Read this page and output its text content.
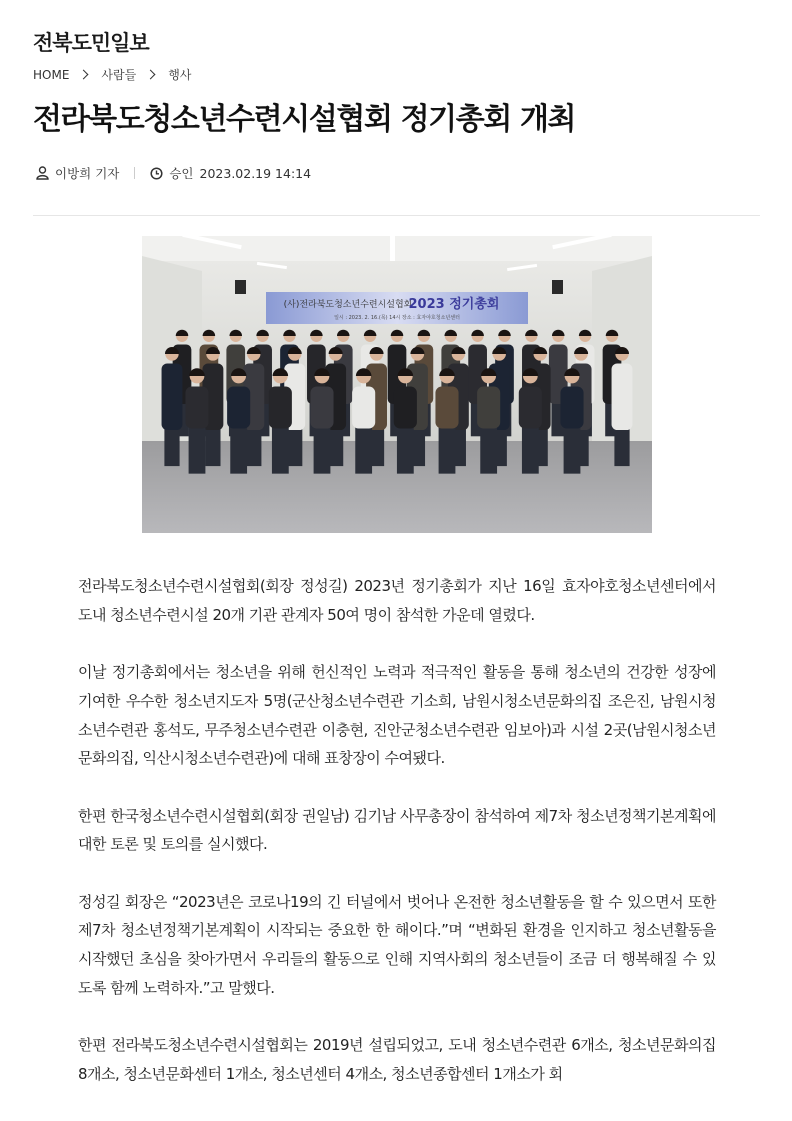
전북도민일보
HOME	사람들	행사
전라북도청소년수련시설협회 정기총회 개최
이방희 기자	승인 2023.02.19 14:14
(사)전라북도청소년수련시설협회
2023 정기총회
일시 : 2023. 2. 16.(목) 14시 장소 : 효자야호청소년센터

전라북도청소년수련시설협회(회장 정성길) 2023년 정기총회가 지난 16일 효자야호청소년센터에서 도내 청소년수련시설 20개 기관 관계자 50여 명이 참석한 가운데 열렸다.

이날 정기총회에서는 청소년을 위해 헌신적인 노력과 적극적인 활동을 통해 청소년의 건강한 성장에 기여한 우수한 청소년지도자 5명(군산청소년수련관 기소희, 남원시청소년문화의집 조은진, 남원시청소년수련관 홍석도, 무주청소년수련관 이충현, 진안군청소년수련관 임보아)과 시설 2곳(남원시청소년문화의집, 익산시청소년수련관)에 대해 표창장이 수여됐다.

한편 한국청소년수련시설협회(회장 권일남) 김기남 사무총장이 참석하여 제7차 청소년정책기본계획에 대한 토론 및 토의를 실시했다.

정성길 회장은 “2023년은 코로나19의 긴 터널에서 벗어나 온전한 청소년활동을 할 수 있으면서 또한 제7차 청소년정책기본계획이 시작되는 중요한 한 해이다.”며 “변화된 환경을 인지하고 청소년활동을 시작했던 초심을 찾아가면서 우리들의 활동으로 인해 지역사회의 청소년들이 조금 더 행복해질 수 있도록 함께 노력하자.”고 말했다.

한편 전라북도청소년수련시설협회는 2019년 설립되었고, 도내 청소년수련관 6개소, 청소년문화의집 8개소, 청소년문화센터 1개소, 청소년센터 4개소, 청소년종합센터 1개소가 회
